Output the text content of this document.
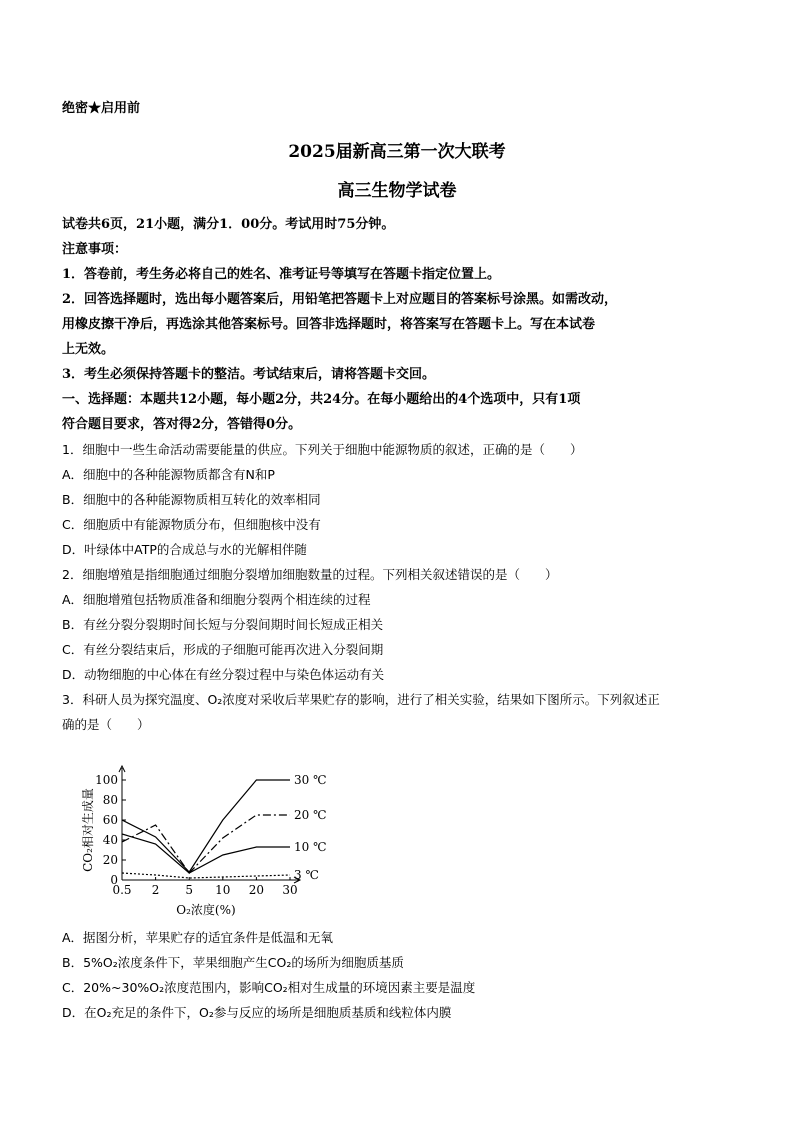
绝密★启用前
2025届新高三第一次大联考
高三生物学试卷
试卷共6页，21小题，满分1．00分。考试用时75分钟。
注意事项：
1．答卷前，考生务必将自己的姓名、准考证号等填写在答题卡指定位置上。
2．回答选择题时，选出每小题答案后，用铅笔把答题卡上对应题目的答案标号涂黑。如需改动，
用橡皮擦干净后，再选涂其他答案标号。回答非选择题时，将答案写在答题卡上。写在本试卷
上无效。
3．考生必须保持答题卡的整洁。考试结束后，请将答题卡交回。
一、选择题：本题共12小题，每小题2分，共24分。在每小题给出的4个选项中，只有1项
符合题目要求，答对得2分，答错得0分。
1．细胞中一些生命活动需要能量的供应。下列关于细胞中能源物质的叙述，正确的是（　　）
A．细胞中的各种能源物质都含有N和P
B．细胞中的各种能源物质相互转化的效率相同
C．细胞质中有能源物质分布，但细胞核中没有
D．叶绿体中ATP的合成总与水的光解相伴随
2．细胞增殖是指细胞通过细胞分裂增加细胞数量的过程。下列相关叙述错误的是（　　）
A．细胞增殖包括物质准备和细胞分裂两个相连续的过程
B．有丝分裂分裂期时间长短与分裂间期时间长短成正相关
C．有丝分裂结束后，形成的子细胞可能再次进入分裂间期
D．动物细胞的中心体在有丝分裂过程中与染色体运动有关
3．科研人员为探究温度、O₂浓度对采收后苹果贮存的影响，进行了相关实验，结果如下图所示。下列叙述正
确的是（　　）
0
20
40
60
80
100
0.5 2 5 10 20 30
O₂浓度(%)
CO₂相对生成量
30 ℃
20 ℃
10 ℃
3 ℃
A．据图分析，苹果贮存的适宜条件是低温和无氧
B．5%O₂浓度条件下，苹果细胞产生CO₂的场所为细胞质基质
C．20%~30%O₂浓度范围内，影响CO₂相对生成量的环境因素主要是温度
D．在O₂充足的条件下，O₂参与反应的场所是细胞质基质和线粒体内膜
